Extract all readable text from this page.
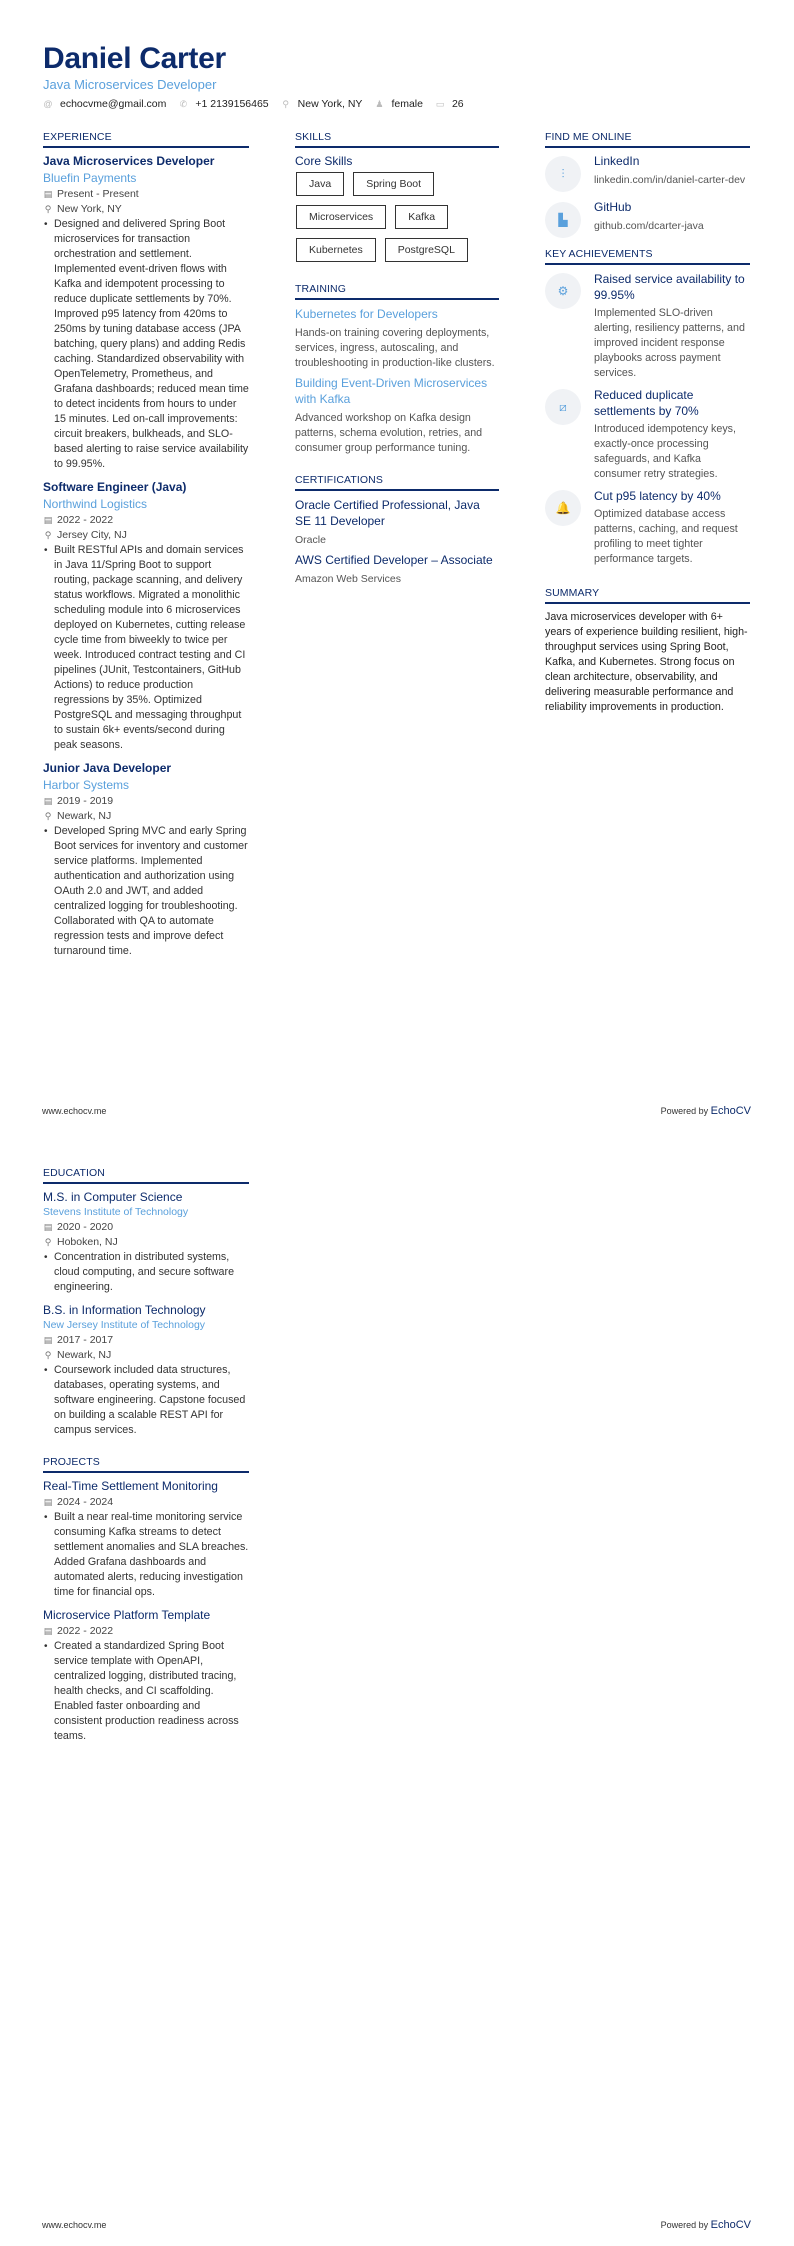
Daniel Carter
Java Microservices Developer
@ echocvme@gmail.com ✆ +1 2139156465 ⚲ New York, NY ♟ female ▭ 26
EXPERIENCE
Java Microservices Developer
Bluefin Payments
▤ Present - Present
⚲ New York, NY
• Designed and delivered Spring Boot microservices for transaction orchestration and settlement. Implemented event-driven flows with Kafka and idempotent processing to reduce duplicate settlements by 70%. Improved p95 latency from 420ms to 250ms by tuning database access (JPA batching, query plans) and adding Redis caching. Standardized observability with OpenTelemetry, Prometheus, and Grafana dashboards; reduced mean time to detect incidents from hours to under 15 minutes. Led on-call improvements: circuit breakers, bulkheads, and SLO-based alerting to raise service availability to 99.95%.
Software Engineer (Java)
Northwind Logistics
▤ 2022 - 2022
⚲ Jersey City, NJ
• Built RESTful APIs and domain services in Java 11/Spring Boot to support routing, package scanning, and delivery status workflows. Migrated a monolithic scheduling module into 6 microservices deployed on Kubernetes, cutting release cycle time from biweekly to twice per week. Introduced contract testing and CI pipelines (JUnit, Testcontainers, GitHub Actions) to reduce production regressions by 35%. Optimized PostgreSQL and messaging throughput to sustain 6k+ events/second during peak seasons.
Junior Java Developer
Harbor Systems
▤ 2019 - 2019
⚲ Newark, NJ
• Developed Spring MVC and early Spring Boot services for inventory and customer service platforms. Implemented authentication and authorization using OAuth 2.0 and JWT, and added centralized logging for troubleshooting. Collaborated with QA to automate regression tests and improve defect turnaround time.
SKILLS
Core Skills
Java	Spring Boot
Microservices	Kafka
Kubernetes	PostgreSQL
TRAINING
Kubernetes for Developers
Hands-on training covering deployments, services, ingress, autoscaling, and troubleshooting in production-like clusters.
Building Event-Driven Microservices with Kafka
Advanced workshop on Kafka design patterns, schema evolution, retries, and consumer group performance tuning.
CERTIFICATIONS
Oracle Certified Professional, Java SE 11 Developer
Oracle
AWS Certified Developer – Associate
Amazon Web Services
FIND ME ONLINE
⫶
LinkedIn
linkedin.com/in/daniel-carter-dev
▙
GitHub
github.com/dcarter-java
KEY ACHIEVEMENTS
⚙
Raised service availability to 99.95%
Implemented SLO-driven alerting, resiliency patterns, and improved incident response playbooks across payment services.
⧄
Reduced duplicate settlements by 70%
Introduced idempotency keys, exactly-once processing safeguards, and Kafka consumer retry strategies.
🔔
Cut p95 latency by 40%
Optimized database access patterns, caching, and request profiling to meet tighter performance targets.
SUMMARY
Java microservices developer with 6+ years of experience building resilient, high-throughput services using Spring Boot, Kafka, and Kubernetes. Strong focus on clean architecture, observability, and delivering measurable performance and reliability improvements in production.
www.echocv.me	Powered by EchoCV
EDUCATION
M.S. in Computer Science
Stevens Institute of Technology
▤ 2020 - 2020
⚲ Hoboken, NJ
• Concentration in distributed systems, cloud computing, and secure software engineering.
B.S. in Information Technology
New Jersey Institute of Technology
▤ 2017 - 2017
⚲ Newark, NJ
• Coursework included data structures, databases, operating systems, and software engineering. Capstone focused on building a scalable REST API for campus services.
PROJECTS
Real-Time Settlement Monitoring
▤ 2024 - 2024
• Built a near real-time monitoring service consuming Kafka streams to detect settlement anomalies and SLA breaches. Added Grafana dashboards and automated alerts, reducing investigation time for financial ops.
Microservice Platform Template
▤ 2022 - 2022
• Created a standardized Spring Boot service template with OpenAPI, centralized logging, distributed tracing, health checks, and CI scaffolding. Enabled faster onboarding and consistent production readiness across teams.
www.echocv.me	Powered by EchoCV
